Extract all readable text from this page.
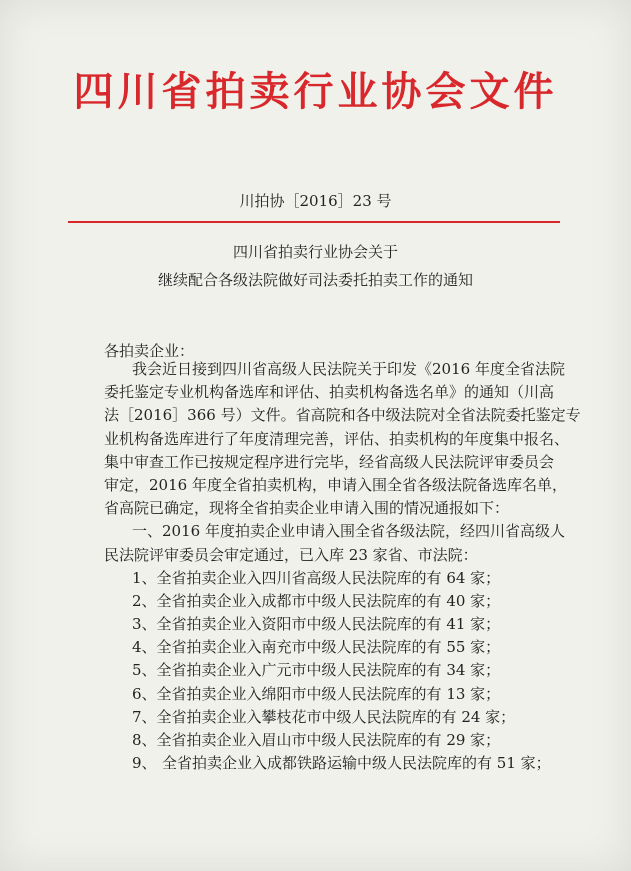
四川省拍卖行业协会文件
川拍协［2016］23 号
四川省拍卖行业协会关于
继续配合各级法院做好司法委托拍卖工作的通知
各拍卖企业：
我会近日接到四川省高级人民法院关于印发《2016 年度全省法院
委托鉴定专业机构备选库和评估、拍卖机构备选名单》的通知（川高
法［2016］366 号）文件。省高院和各中级法院对全省法院委托鉴定专
业机构备选库进行了年度清理完善，评估、拍卖机构的年度集中报名、
集中审查工作已按规定程序进行完毕，经省高级人民法院评审委员会
审定，2016 年度全省拍卖机构，申请入围全省各级法院备选库名单，
省高院已确定，现将全省拍卖企业申请入围的情况通报如下：
一、2016 年度拍卖企业申请入围全省各级法院，经四川省高级人
民法院评审委员会审定通过，已入库 23 家省、市法院：
1、全省拍卖企业入四川省高级人民法院库的有 64 家；
2、全省拍卖企业入成都市中级人民法院库的有 40 家；
3、全省拍卖企业入资阳市中级人民法院库的有 41 家；
4、全省拍卖企业入南充市中级人民法院库的有 55 家；
5、全省拍卖企业入广元市中级人民法院库的有 34 家；
6、全省拍卖企业入绵阳市中级人民法院库的有 13 家；
7、全省拍卖企业入攀枝花市中级人民法院库的有 24 家；
8、全省拍卖企业入眉山市中级人民法院库的有 29 家；
9、 全省拍卖企业入成都铁路运输中级人民法院库的有 51 家；
